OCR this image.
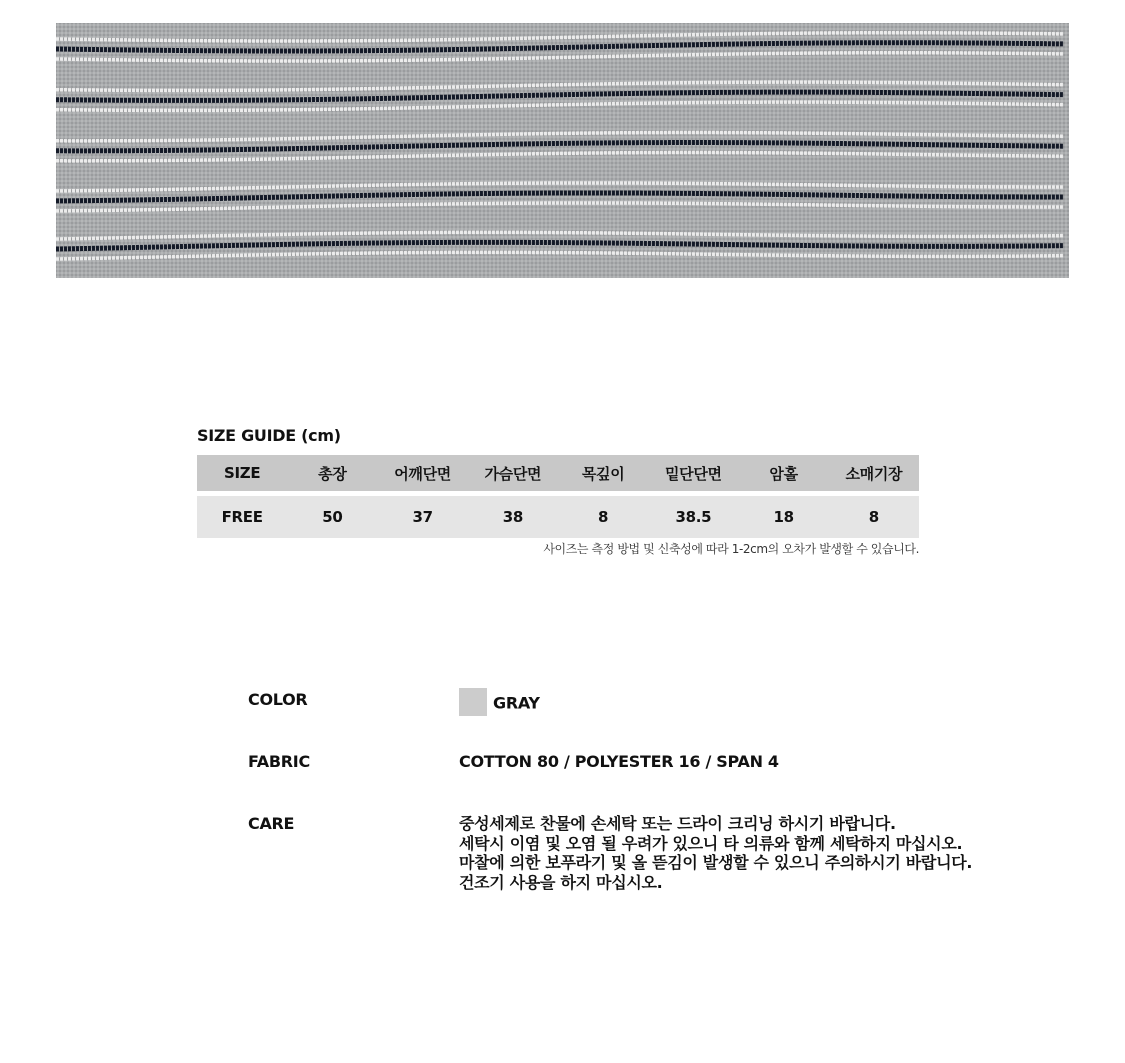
SIZE GUIDE (cm)
SIZE	총장	어깨단면	가슴단면	목깊이	밑단단면	암홀	소매기장

FREE	50	37	38	8	38.5	18	8
사이즈는 측정 방법 및 신축성에 따라 1-2cm의 오차가 발생할 수 있습니다.
COLOR	GRAY
FABRIC	COTTON 80 / POLYESTER 16 / SPAN 4
CARE	중성세제로 찬물에 손세탁 또는 드라이 크리닝 하시기 바랍니다.
세탁시 이염 및 오염 될 우려가 있으니 타 의류와 함께 세탁하지 마십시오.
마찰에 의한 보푸라기 및 올 뜯김이 발생할 수 있으니 주의하시기 바랍니다.
건조기 사용을 하지 마십시오.
